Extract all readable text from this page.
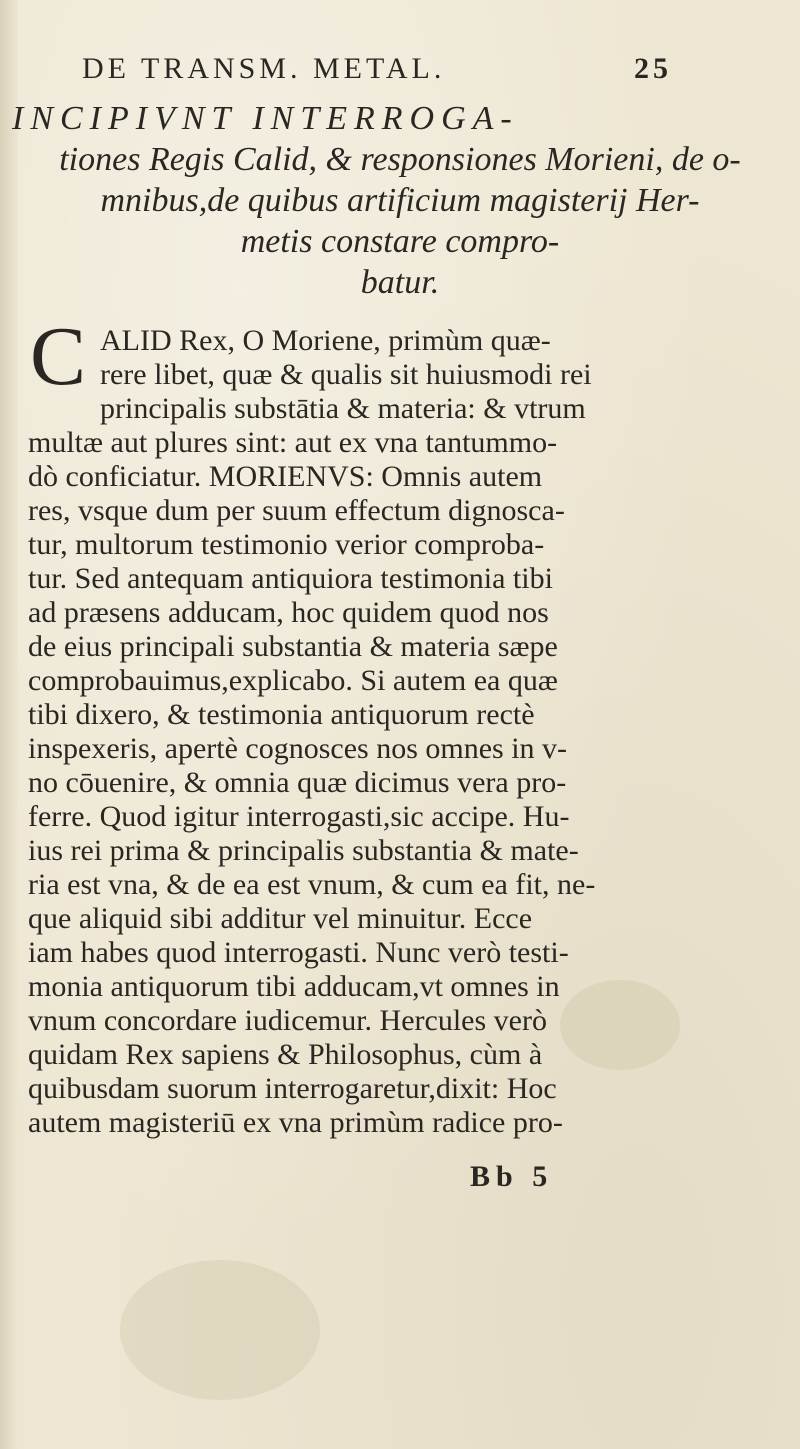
DE TRANSM. METAL.	25
INCIPIVNT INTERROGA-
tiones Regis Calid, & responsiones Morieni, de o-
mnibus,de quibus artificium magisterij Her-
metis constare compro-
batur.
C ALID Rex, O Moriene, primùm quæ-
rere libet, quæ & qualis sit huiusmodi rei
principalis substātia & materia: & vtrum
multæ aut plures sint: aut ex vna tantummo-
dò conficiatur. MORIENVS: Omnis autem
res, vsque dum per suum effectum dignosca-
tur, multorum testimonio verior comproba-
tur. Sed antequam antiquiora testimonia tibi
ad præsens adducam, hoc quidem quod nos
de eius principali substantia & materia sæpe
comprobauimus,explicabo. Si autem ea quæ
tibi dixero, & testimonia antiquorum rectè
inspexeris, apertè cognosces nos omnes in v-
no cōuenire, & omnia quæ dicimus vera pro-
ferre. Quod igitur interrogasti,sic accipe. Hu-
ius rei prima & principalis substantia & mate-
ria est vna, & de ea est vnum, & cum ea fit, ne-
que aliquid sibi additur vel minuitur. Ecce
iam habes quod interrogasti. Nunc verò testi-
monia antiquorum tibi adducam,vt omnes in
vnum concordare iudicemur. Hercules verò
quidam Rex sapiens & Philosophus, cùm à
quibusdam suorum interrogaretur,dixit: Hoc
autem magisteriū ex vna primùm radice pro-
Bb 5
